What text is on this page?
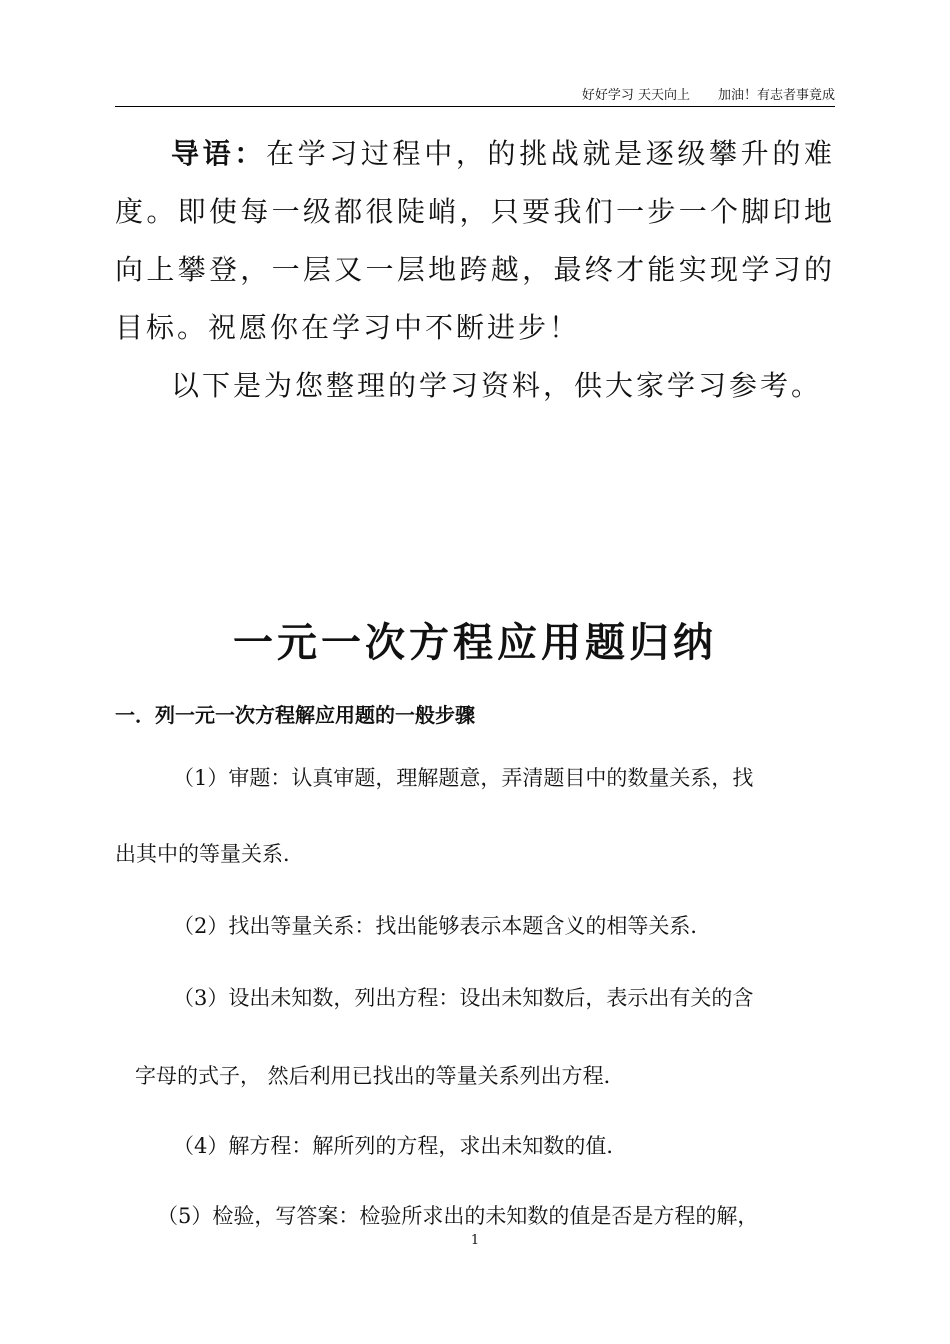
好好学习 天天向上 加油！有志者事竟成

导语：在学习过程中，的挑战就是逐级攀升的难度。即使每一级都很陡峭，只要我们一步一个脚印地向上攀登，一层又一层地跨越，最终才能实现学习的目标。祝愿你在学习中不断进步！

以下是为您整理的学习资料，供大家学习参考。

一元一次方程应用题归纳
一．列一元一次方程解应用题的一般步骤

（1）审题：认真审题，理解题意，弄清题目中的数量关系，找

出其中的等量关系．

（2）找出等量关系：找出能够表示本题含义的相等关系．

（3）设出未知数，列出方程：设出未知数后，表示出有关的含

字母的式子， 然后利用已找出的等量关系列出方程．

（4）解方程：解所列的方程，求出未知数的值．

（5）检验，写答案：检验所求出的未知数的值是否是方程的解，

1
